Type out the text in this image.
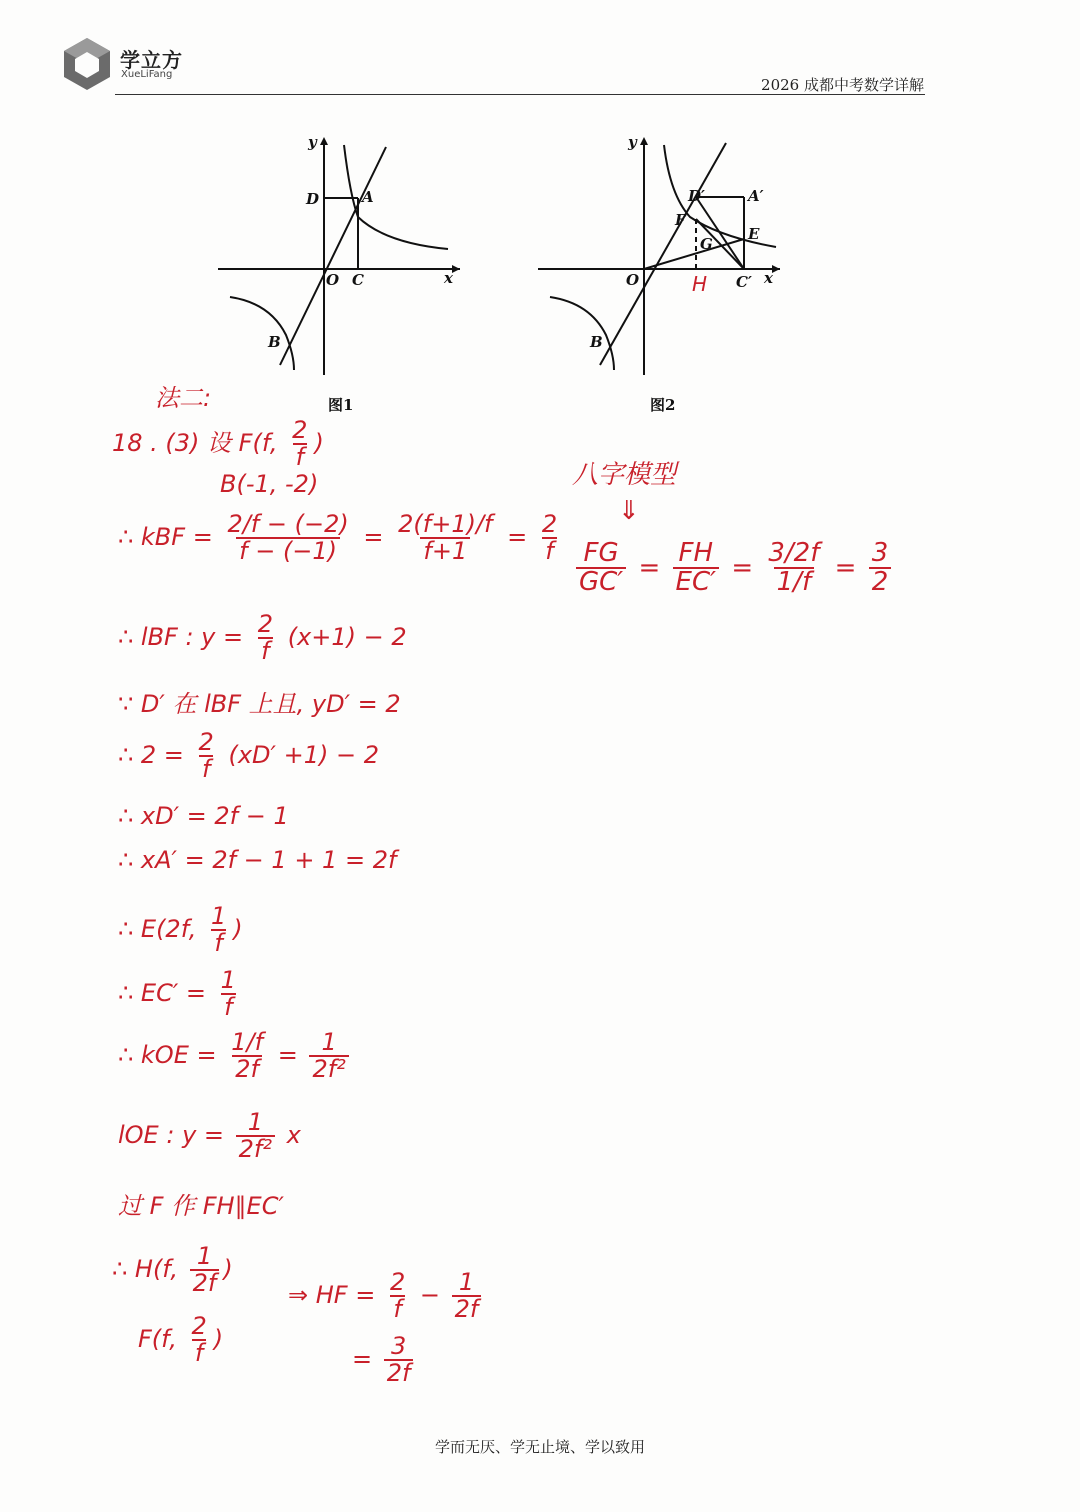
学立方
XueLiFang
2026 成都中考数学详解
y
x
O
D	A
C
B
图1
y
x
O
D′	A′
F
G
E
C′
B
H
图2
法二:
18 . (3) 设 F(f, $\frac{2}{f}$ )
B(-1, -2)
∴ kBF = $\frac{2/f - (-2)}{f - (-1)} = \frac{2(f+1)/f}{f+1} = \frac{2}{f}$
∴ lBF : $y = \frac{2}{f} (x+1) - 2$
∵ D′ 在 lBF 上且, yD′ = 2
∴ $2 = \frac{2}{f} (xD' +1) - 2$
∴ xD′ = 2f − 1
∴ xA′ = 2f − 1 + 1 = 2f
∴ E(2f, $\frac{1}{f}$ )
∴ $EC' = \frac{1}{f}$
∴ kOE = $\frac{1/f}{2f} = \frac{1}{\text{2f²}}$
lOE : $y = \frac{1}{\text{2f²}}$ x
过 F 作 FH∥EC′
∴ H(f, $\frac{1}{2f}$ )
F(f, $\frac{2}{f}$ )
⇒ HF = $\frac{2}{f} - \frac{1}{2f}$
= $\frac{3}{2f}$
八字模型
⇓
$\frac{FG}{GC'} = \frac{FH}{EC'} = \frac{3/2f}{1/f} = \frac{3}{2}$
学而无厌、学无止境、学以致用
